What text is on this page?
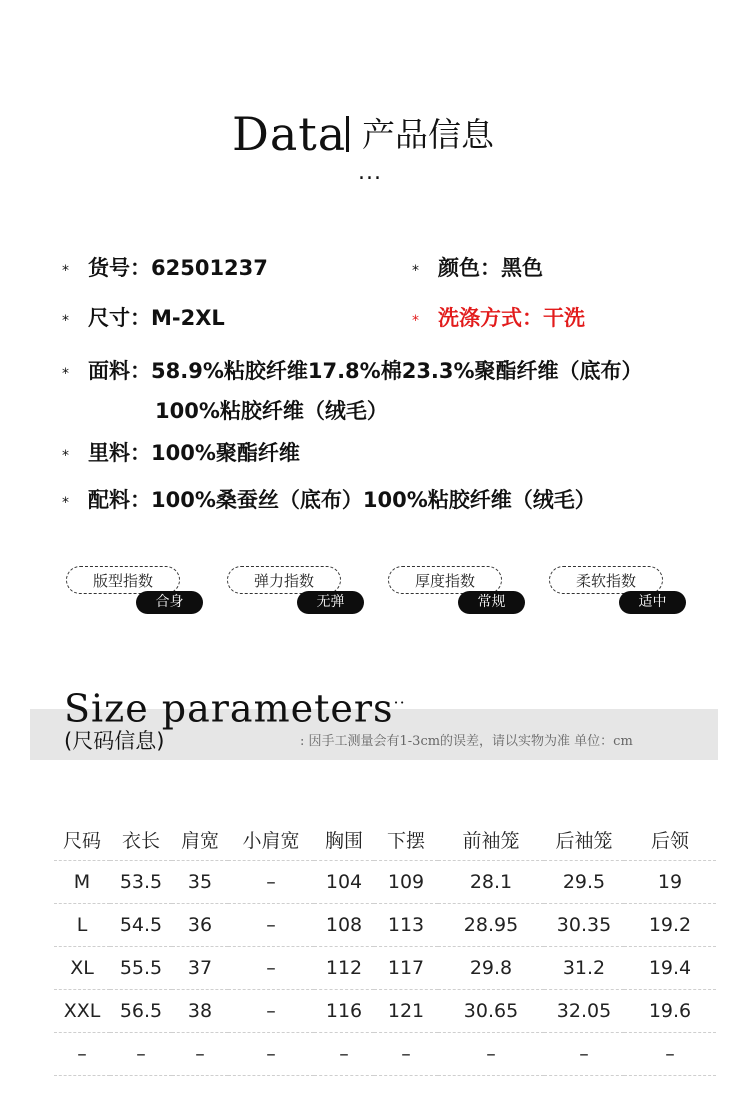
Data 产品信息
...
* 货号：62501237	* 颜色：黑色
* 尺寸：M-2XL	* 洗涤方式：干洗
* 面料：58.9%粘胶纤维17.8%棉23.3%聚酯纤维（底布）
100%粘胶纤维（绒毛）
* 里料：100%聚酯纤维
* 配料：100%桑蚕丝（底布）100%粘胶纤维（绒毛）
版型指数
合身
弹力指数
无弹
厚度指数
常规
柔软指数
适中
Size parameters··
(尺码信息)	: 因手工测量会有1-3cm的误差，请以实物为准 单位：cm
尺码	衣长	肩宽	小肩宽	胸围	下摆	前袖笼	后袖笼	后领
M	53.5	35	–	104	109	28.1	29.5	19
L	54.5	36	–	108	113	28.95	30.35	19.2
XL	55.5	37	–	112	117	29.8	31.2	19.4
XXL	56.5	38	–	116	121	30.65	32.05	19.6
–	–	–	–	–	–	–	–	–
